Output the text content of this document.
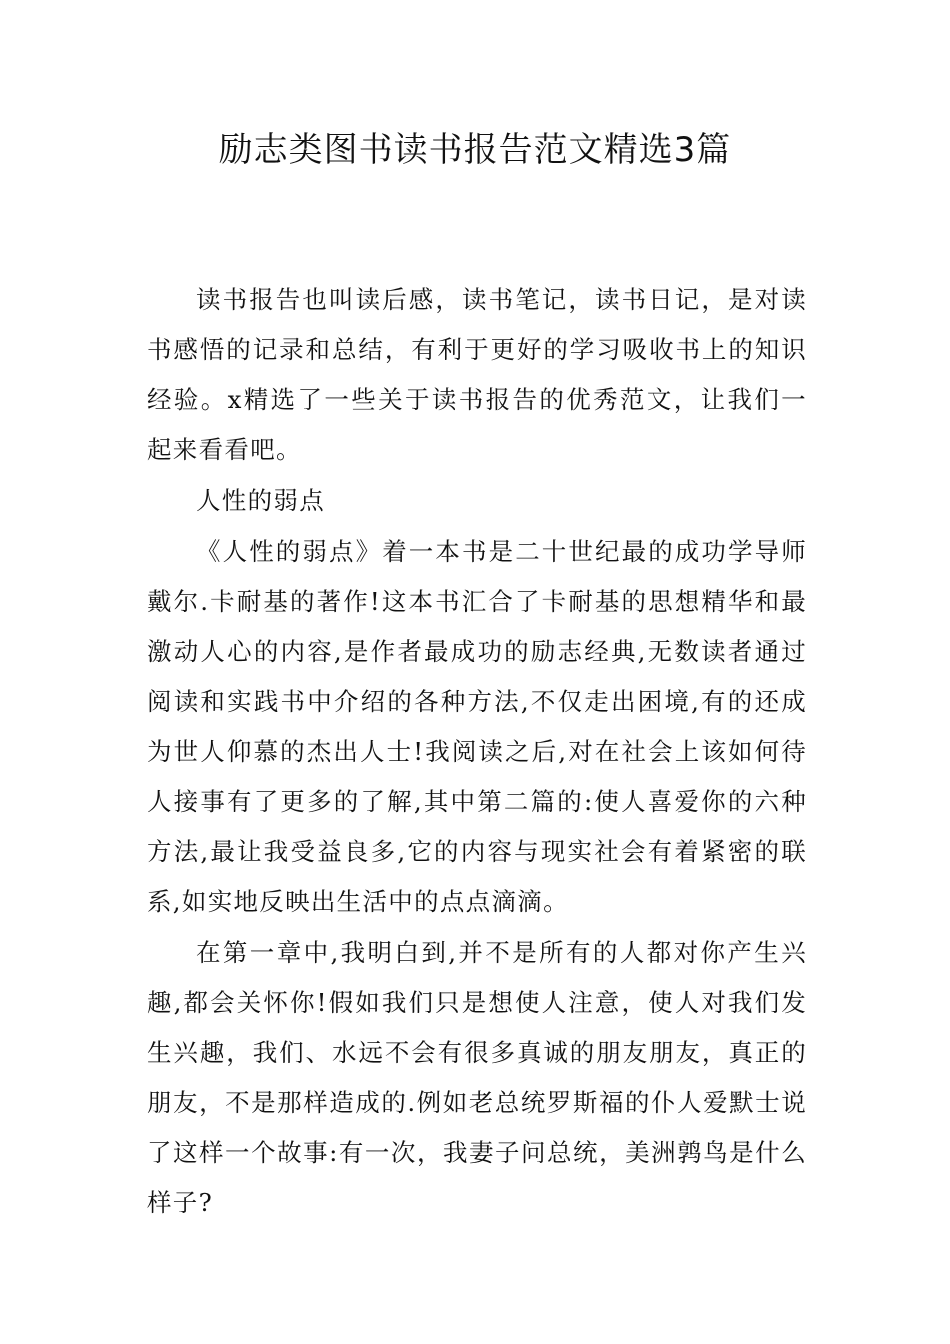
励志类图书读书报告范文精选3篇

读书报告也叫读后感，读书笔记，读书日记，是对读书感悟的记录和总结，有利于更好的学习吸收书上的知识经验。x精选了一些关于读书报告的优秀范文，让我们一起来看看吧。

人性的弱点

《人性的弱点》着一本书是二十世纪最的成功学导师戴尔.卡耐基的著作!这本书汇合了卡耐基的思想精华和最激动人心的内容,是作者最成功的励志经典,无数读者通过阅读和实践书中介绍的各种方法,不仅走出困境,有的还成为世人仰慕的杰出人士!我阅读之后,对在社会上该如何待人接事有了更多的了解,其中第二篇的:使人喜爱你的六种方法,最让我受益良多,它的内容与现实社会有着紧密的联系,如实地反映出生活中的点点滴滴。

在第一章中,我明白到,并不是所有的人都对你产生兴趣,都会关怀你!假如我们只是想使人注意，使人对我们发生兴趣，我们、水远不会有很多真诚的朋友朋友，真正的朋友，不是那样造成的.例如老总统罗斯福的仆人爱默士说了这样一个故事:有一次，我妻子问总统，美洲鹑鸟是什么样子?
